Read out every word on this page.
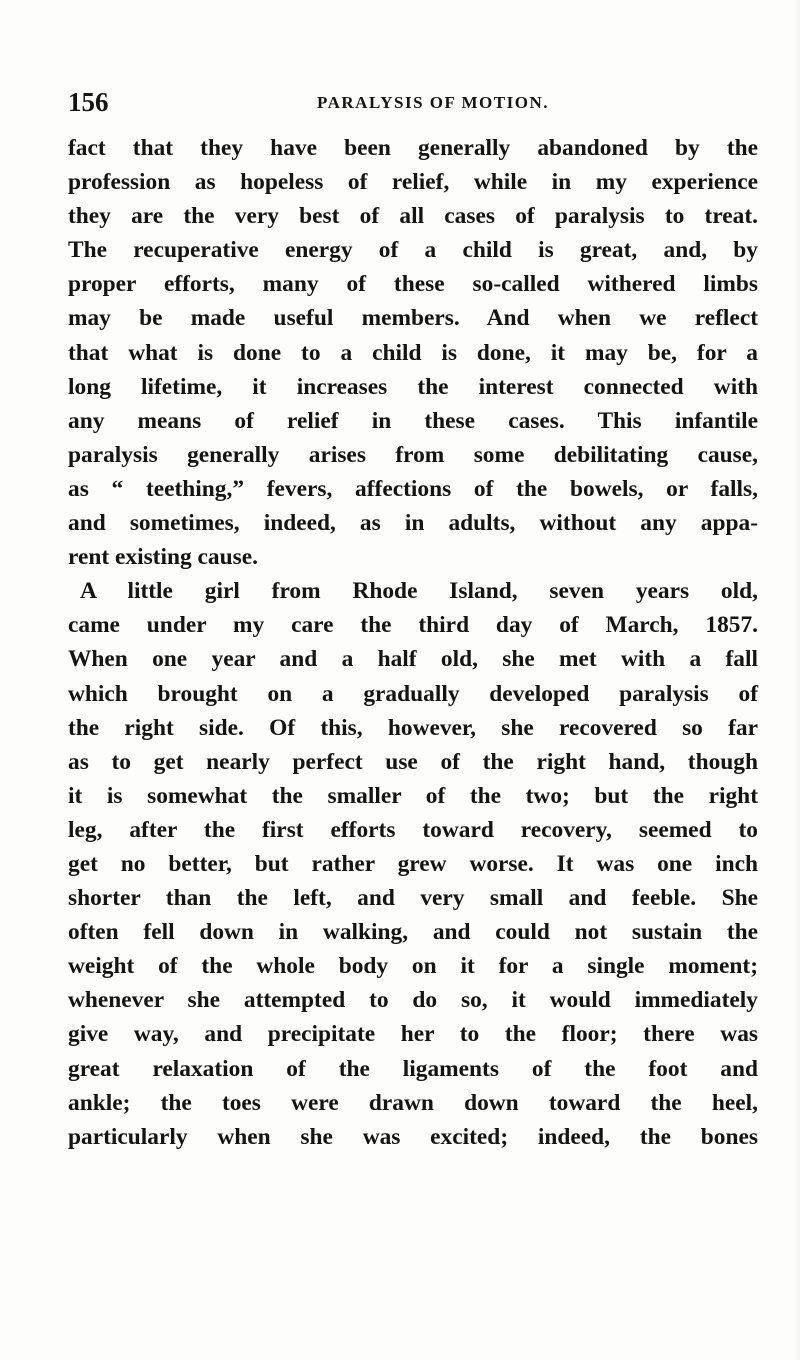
156	PARALYSIS OF MOTION.

fact that they have been generally abandoned by the
profession as hopeless of relief, while in my experience
they are the very best of all cases of paralysis to treat.
The recuperative energy of a child is great, and, by
proper efforts, many of these so-called withered limbs
may be made useful members. And when we reflect
that what is done to a child is done, it may be, for a
long lifetime, it increases the interest connected with
any means of relief in these cases. This infantile
paralysis generally arises from some debilitating cause,
as “ teething,” fevers, affections of the bowels, or falls,
and sometimes, indeed, as in adults, without any appa-
rent existing cause.

A little girl from Rhode Island, seven years old,
came under my care the third day of March, 1857.
When one year and a half old, she met with a fall
which brought on a gradually developed paralysis of
the right side. Of this, however, she recovered so far
as to get nearly perfect use of the right hand, though
it is somewhat the smaller of the two; but the right
leg, after the first efforts toward recovery, seemed to
get no better, but rather grew worse. It was one inch
shorter than the left, and very small and feeble. She
often fell down in walking, and could not sustain the
weight of the whole body on it for a single moment;
whenever she attempted to do so, it would immediately
give way, and precipitate her to the floor; there was
great relaxation of the ligaments of the foot and
ankle; the toes were drawn down toward the heel,
particularly when she was excited; indeed, the bones
